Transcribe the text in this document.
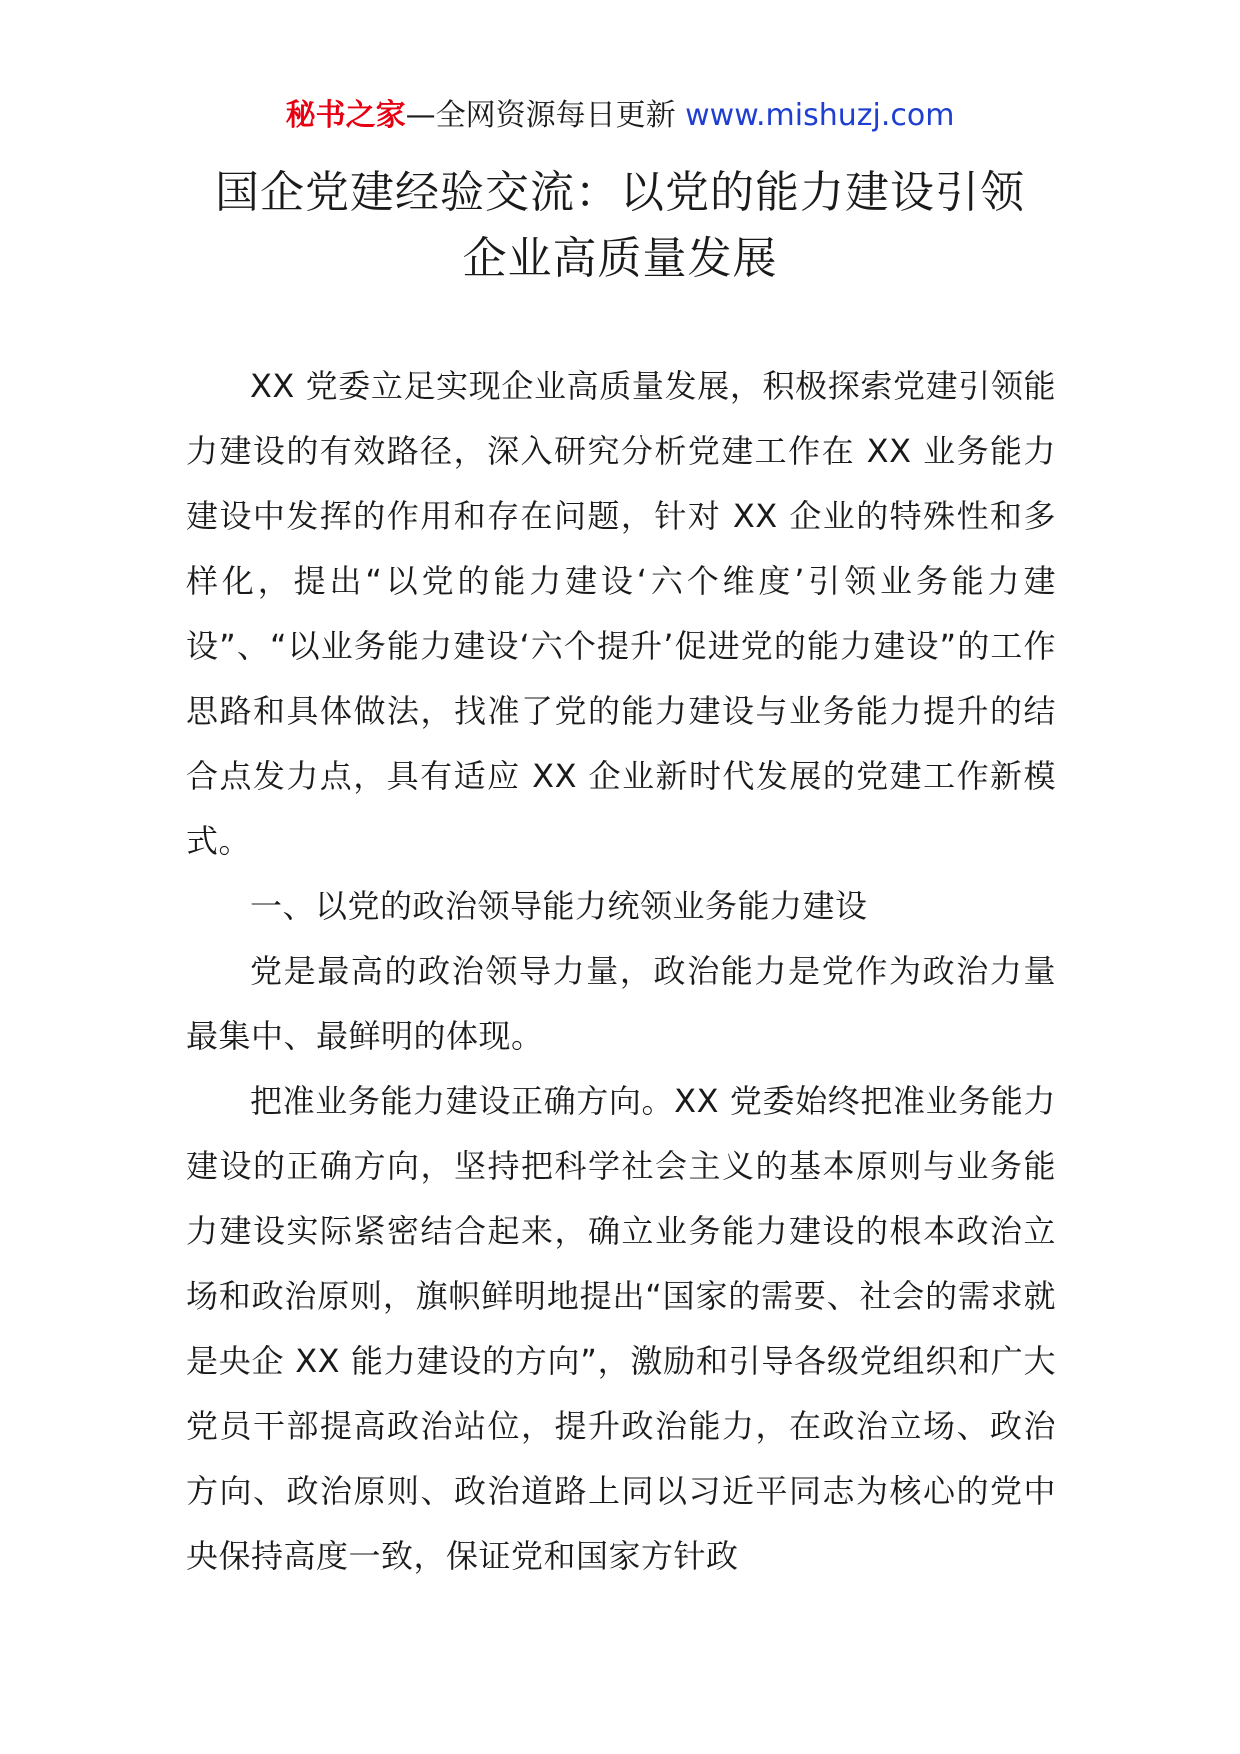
秘书之家—全网资源每日更新 www.mishuzj.com
国企党建经验交流：以党的能力建设引领
企业高质量发展

XX 党委立足实现企业高质量发展，积极探索党建引领能力建设的有效路径，深入研究分析党建工作在 XX 业务能力建设中发挥的作用和存在问题，针对 XX 企业的特殊性和多样化，提出“以党的能力建设‘六个维度’引领业务能力建设”、“以业务能力建设‘六个提升’促进党的能力建设”的工作思路和具体做法，找准了党的能力建设与业务能力提升的结合点发力点，具有适应 XX 企业新时代发展的党建工作新模式。

一、以党的政治领导能力统领业务能力建设

党是最高的政治领导力量，政治能力是党作为政治力量最集中、最鲜明的体现。

把准业务能力建设正确方向。XX 党委始终把准业务能力建设的正确方向，坚持把科学社会主义的基本原则与业务能力建设实际紧密结合起来，确立业务能力建设的根本政治立场和政治原则，旗帜鲜明地提出“国家的需要、社会的需求就是央企 XX 能力建设的方向”，激励和引导各级党组织和广大党员干部提高政治站位，提升政治能力，在政治立场、政治方向、政治原则、政治道路上同以习近平同志为核心的党中央保持高度一致，保证党和国家方针政
